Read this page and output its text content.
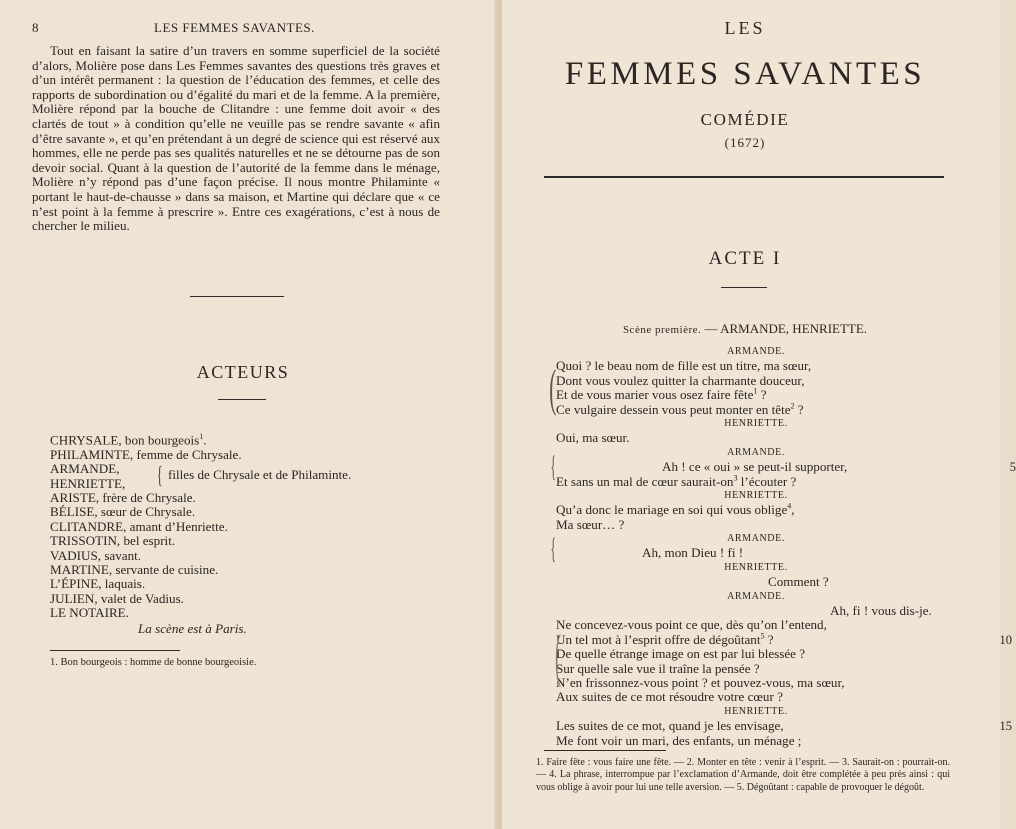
8	LES FEMMES SAVANTES.

Tout en faisant la satire d’un travers en somme superficiel de la société d’alors, Molière pose dans Les Femmes savantes des questions très graves et d’un intérêt permanent : la question de l’éducation des femmes, et celle des rapports de subordination ou d’égalité du mari et de la femme. A la première, Molière répond par la bouche de Clitandre : une femme doit avoir « des clartés de tout » à condition qu’elle ne veuille pas se rendre savante « afin d’être savante », et qu’en prétendant à un degré de science qui est réservé aux hommes, elle ne perde pas ses qualités naturelles et ne se détourne pas de son devoir social. Quant à la question de l’autorité de la femme dans le ménage, Molière n’y répond pas d’une façon précise. Il nous montre Philaminte « portant le haut-de-chausse » dans sa maison, et Martine qui déclare que « ce n’est point à la femme à prescrire ». Entre ces exagérations, c’est à nous de chercher le milieu.

ACTEURS
CHRYSALE, bon bourgeois$^1$.
PHILAMINTE, femme de Chrysale.
ARMANDE,
HENRIETTE, { filles de Chrysale et de Philaminte.
ARISTE, frère de Chrysale.
BÉLISE, sœur de Chrysale.
CLITANDRE, amant d’Henriette.
TRISSOTIN, bel esprit.
VADIUS, savant.
MARTINE, servante de cuisine.
L’ÉPINE, laquais.
JULIEN, valet de Vadius.
LE NOTAIRE.
La scène est à Paris.
1. Bon bourgeois : homme de bonne bourgeoisie.
LES
FEMMES SAVANTES
COMÉDIE
(1672)
ACTE I
Scène première. — ARMANDE, HENRIETTE.
ARMANDE.
Quoi ? le beau nom de fille est un titre, ma sœur,
Dont vous voulez quitter la charmante douceur,
Et de vous marier vous osez faire fête$^1$ ?
Ce vulgaire dessein vous peut monter en tête$^2$ ?
HENRIETTE.
Oui, ma sœur.
ARMANDE.
Ah ! ce « oui » se peut-il supporter,	5
Et sans un mal de cœur saurait-$on^3$ l’écouter ?
HENRIETTE.
Qu’a donc le mariage en soi qui vous oblige$^4$,
Ma sœur… ?
ARMANDE.
Ah, mon Dieu ! fi !
HENRIETTE.
Comment ?
ARMANDE.
Ah, fi ! vous dis-je.
Ne concevez-vous point ce que, dès qu’on l’entend,
Un tel mot à l’esprit offre de dégoûtant$^5$ ?	10
De quelle étrange image on est par lui blessée ?
Sur quelle sale vue il traîne la pensée ?
N’en frissonnez-vous point ? et pouvez-vous, ma sœur,
Aux suites de ce mot résoudre votre cœur ?
HENRIETTE.
Les suites de ce mot, quand je les envisage,	15
Me font voir un mari, des enfants, un ménage ;
(
{
{
(

1. Faire fête : vous faire une fête. — 2. Monter en tête : venir à l’esprit. — 3. Saurait-on : pourrait-on. — 4. La phrase, interrompue par l’exclamation d’Armande, doit être complétée à peu près ainsi : qui vous oblige à avoir pour lui une telle aversion. — 5. Dégoûtant : capable de provoquer le dégoût.
